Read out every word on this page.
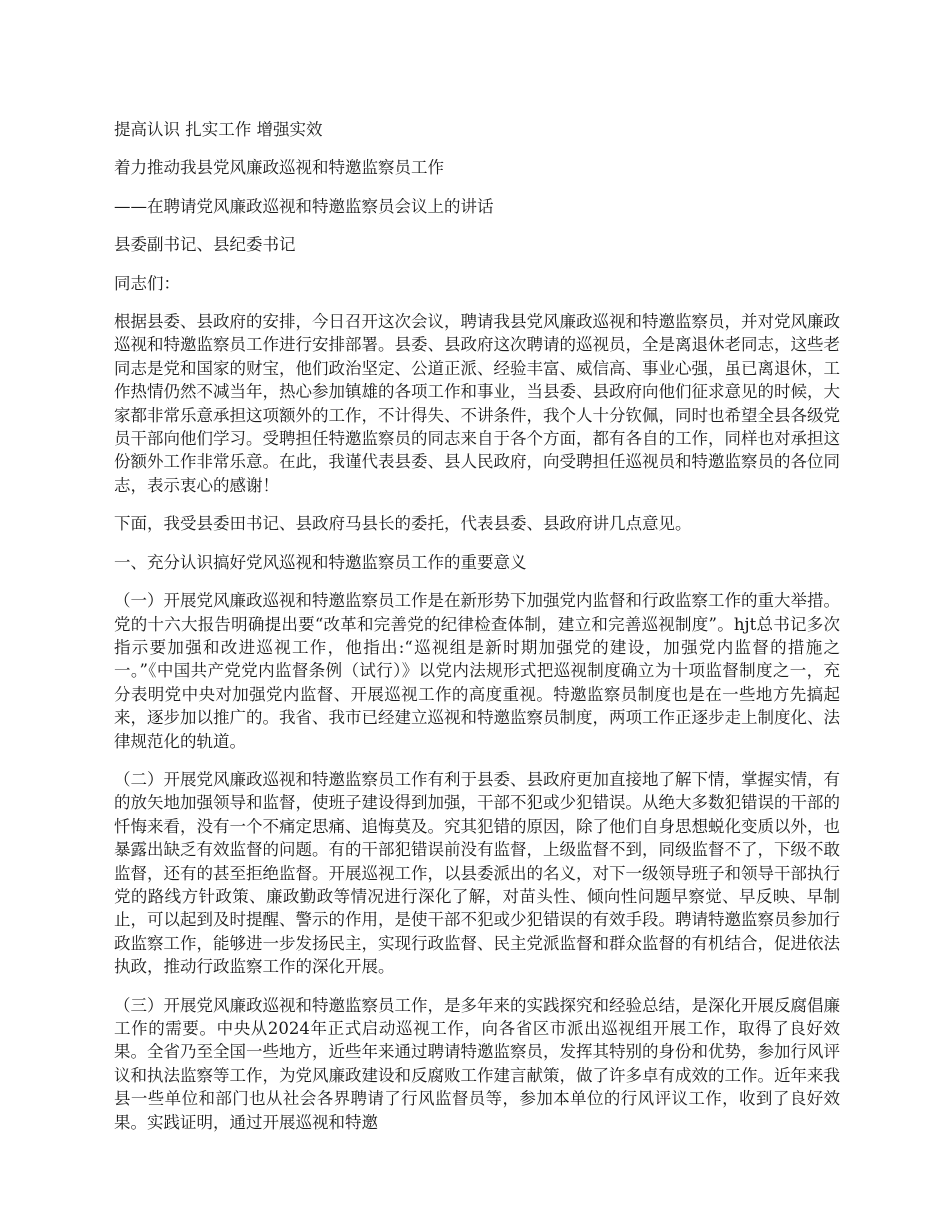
提高认识 扎实工作 增强实效

着力推动我县党风廉政巡视和特邀监察员工作

——在聘请党风廉政巡视和特邀监察员会议上的讲话

县委副书记、县纪委书记

同志们：

根据县委、县政府的安排，今日召开这次会议，聘请我县党风廉政巡视和特邀监察员，并对党风廉政巡视和特邀监察员工作进行安排部署。县委、县政府这次聘请的巡视员，全是离退休老同志，这些老同志是党和国家的财宝，他们政治坚定、公道正派、经验丰富、威信高、事业心强，虽已离退休，工作热情仍然不减当年，热心参加镇雄的各项工作和事业，当县委、县政府向他们征求意见的时候，大家都非常乐意承担这项额外的工作，不计得失、不讲条件，我个人十分钦佩，同时也希望全县各级党员干部向他们学习。受聘担任特邀监察员的同志来自于各个方面，都有各自的工作，同样也对承担这份额外工作非常乐意。在此，我谨代表县委、县人民政府，向受聘担任巡视员和特邀监察员的各位同志，表示衷心的感谢！

下面，我受县委田书记、县政府马县长的委托，代表县委、县政府讲几点意见。

一、充分认识搞好党风巡视和特邀监察员工作的重要意义

（一）开展党风廉政巡视和特邀监察员工作是在新形势下加强党内监督和行政监察工作的重大举措。党的十六大报告明确提出要“改革和完善党的纪律检查体制，建立和完善巡视制度”。hjt总书记多次指示要加强和改进巡视工作，他指出:“巡视组是新时期加强党的建设，加强党内监督的措施之一。”《中国共产党党内监督条例（试行）》以党内法规形式把巡视制度确立为十项监督制度之一，充分表明党中央对加强党内监督、开展巡视工作的高度重视。特邀监察员制度也是在一些地方先搞起来，逐步加以推广的。我省、我市已经建立巡视和特邀监察员制度，两项工作正逐步走上制度化、法律规范化的轨道。

（二）开展党风廉政巡视和特邀监察员工作有利于县委、县政府更加直接地了解下情，掌握实情，有的放矢地加强领导和监督，使班子建设得到加强，干部不犯或少犯错误。从绝大多数犯错误的干部的忏悔来看，没有一个不痛定思痛、追悔莫及。究其犯错的原因，除了他们自身思想蜕化变质以外，也暴露出缺乏有效监督的问题。有的干部犯错误前没有监督，上级监督不到，同级监督不了，下级不敢监督，还有的甚至拒绝监督。开展巡视工作，以县委派出的名义，对下一级领导班子和领导干部执行党的路线方针政策、廉政勤政等情况进行深化了解，对苗头性、倾向性问题早察觉、早反映、早制止，可以起到及时提醒、警示的作用，是使干部不犯或少犯错误的有效手段。聘请特邀监察员参加行政监察工作，能够进一步发扬民主，实现行政监督、民主党派监督和群众监督的有机结合，促进依法执政，推动行政监察工作的深化开展。

（三）开展党风廉政巡视和特邀监察员工作，是多年来的实践探究和经验总结，是深化开展反腐倡廉工作的需要。中央从2024年正式启动巡视工作，向各省区市派出巡视组开展工作，取得了良好效果。全省乃至全国一些地方，近些年来通过聘请特邀监察员，发挥其特别的身份和优势，参加行风评议和执法监察等工作，为党风廉政建设和反腐败工作建言献策，做了许多卓有成效的工作。近年来我县一些单位和部门也从社会各界聘请了行风监督员等，参加本单位的行风评议工作，收到了良好效果。实践证明，通过开展巡视和特邀
